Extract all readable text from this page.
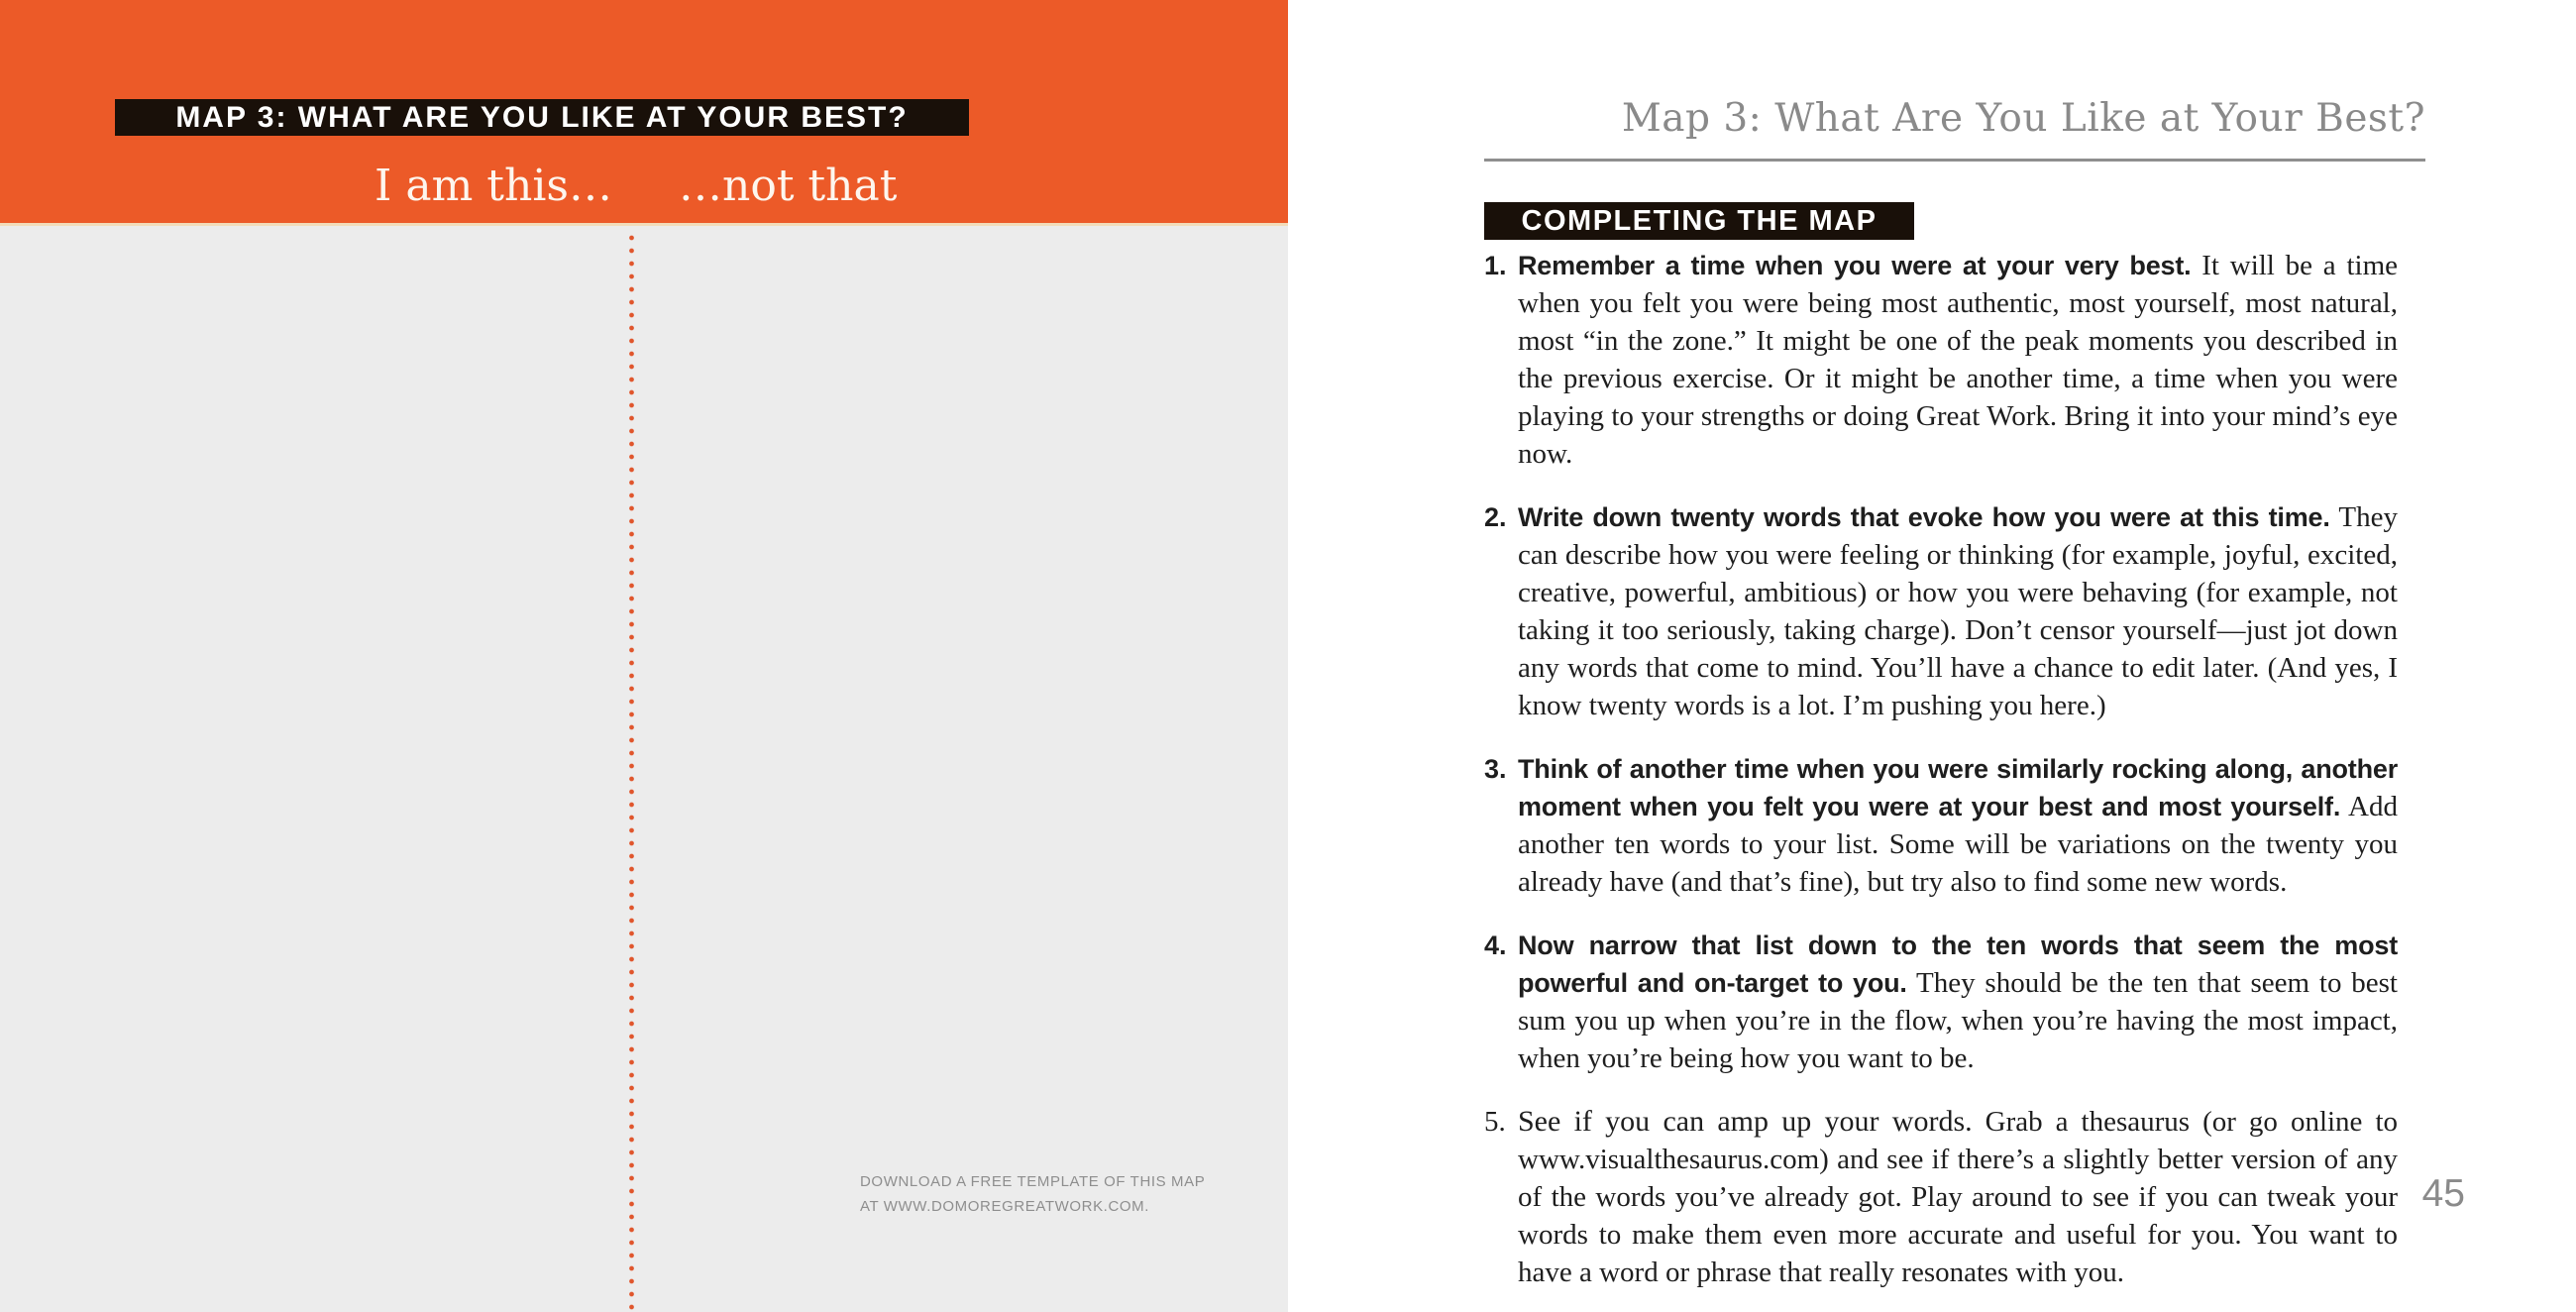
MAP 3: WHAT ARE YOU LIKE AT YOUR BEST?
I am this… …not that
DOWNLOAD A FREE TEMPLATE OF THIS MAP
AT WWW.DOMOREGREATWORK.COM.
Map 3: What Are You Like at Your Best?
COMPLETING THE MAP
1. Remember a time when you were at your very best. It will be a time when you felt you were being most authentic, most yourself, most natural, most “in the zone.” It might be one of the peak moments you described in the previous exercise. Or it might be another time, a time when you were playing to your strengths or doing Great Work. Bring it into your mind’s eye now.
2. Write down twenty words that evoke how you were at this time. They can describe how you were feeling or thinking (for example, joyful, excited, creative, powerful, ambitious) or how you were behaving (for example, not taking it too seriously, taking charge). Don’t censor yourself—just jot down any words that come to mind. You’ll have a chance to edit later. (And yes, I know twenty words is a lot. I’m pushing you here.)
3. Think of another time when you were similarly rocking along, another moment when you felt you were at your best and most yourself. Add another ten words to your list. Some will be variations on the twenty you already have (and that’s fine), but try also to find some new words.
4. Now narrow that list down to the ten words that seem the most powerful and on-target to you. They should be the ten that seem to best sum you up when you’re in the flow, when you’re having the most impact, when you’re being how you want to be.
5. See if you can amp up your words. Grab a thesaurus (or go online to www.visualthesaurus.com) and see if there’s a slightly better version of any of the words you’ve already got. Play around to see if you can tweak your words to make them even more accurate and useful for you. You want to have a word or phrase that really resonates with you.
45
